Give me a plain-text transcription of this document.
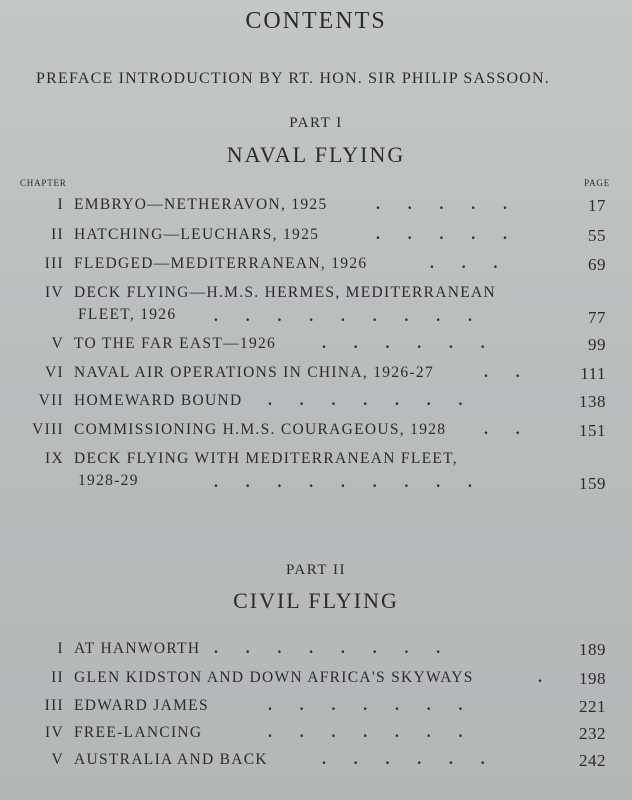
CONTENTS
PREFACE INTRODUCTION BY RT. HON. SIR PHILIP SASSOON.
PART I
NAVAL FLYING
CHAPTER	PAGE
I EMBRYO—NETHERAVON, 1925	. . . . .	17
II HATCHING—LEUCHARS, 1925	. . . . .	55
III FLEDGED—MEDITERRANEAN, 1926	. . .	69
IV DECK FLYING—H.M.S. HERMES, MEDITERRANEAN
FLEET, 1926 . . . . . . . . .	77
V TO THE FAR EAST—1926	. . . . . .	99
VI NAVAL AIR OPERATIONS IN CHINA, 1926-27	. .	111
VII HOMEWARD BOUND . . . . . . .	138
VIII COMMISSIONING H.M.S. COURAGEOUS, 1928 . .	151
IX DECK FLYING WITH MEDITERRANEAN FLEET,
1928-29	. . . . . . . . .	159
PART II
CIVIL FLYING
I AT HANWORTH . . . . . . . .	189
II GLEN KIDSTON AND DOWN AFRICA'S SKYWAYS	. 198
III EDWARD JAMES	. . . . . . .	221
IV FREE-LANCING	. . . . . . .	232
V AUSTRALIA AND BACK	. . . . . .	242
